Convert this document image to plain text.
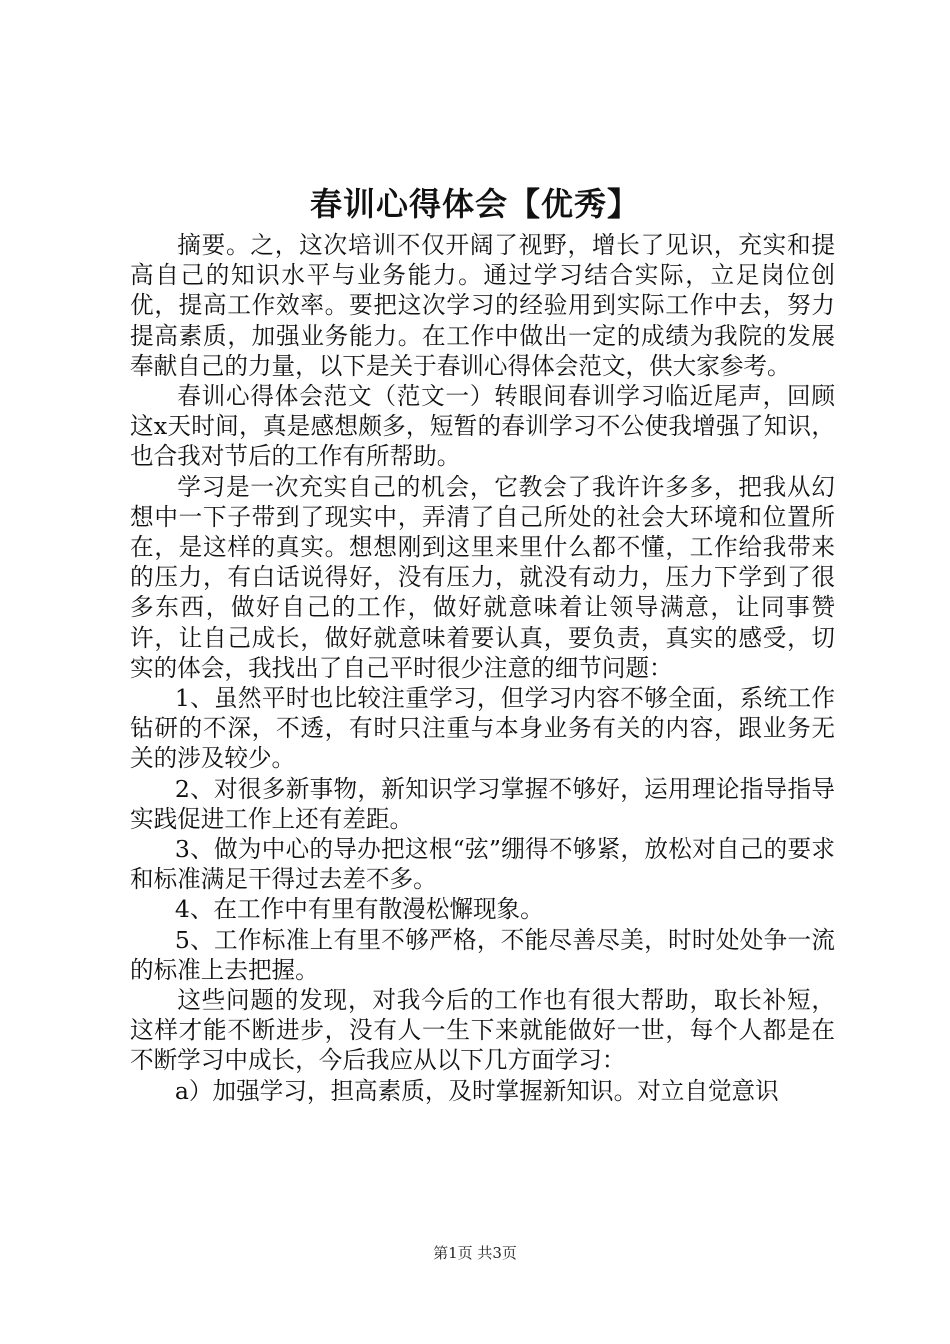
春训心得体会【优秀】

摘要。之，这次培训不仅开阔了视野，增长了见识，充实和提高自己的知识水平与业务能力。通过学习结合实际，立足岗位创优，提高工作效率。要把这次学习的经验用到实际工作中去，努力提高素质，加强业务能力。在工作中做出一定的成绩为我院的发展奉献自己的力量，以下是关于春训心得体会范文，供大家参考。

春训心得体会范文（范文一）转眼间春训学习临近尾声，回顾这x天时间，真是感想颇多，短暂的春训学习不公使我增强了知识，也合我对节后的工作有所帮助。

学习是一次充实自己的机会，它教会了我许许多多，把我从幻想中一下子带到了现实中，弄清了自己所处的社会大环境和位置所在，是这样的真实。想想刚到这里来里什么都不懂，工作给我带来的压力，有白话说得好，没有压力，就没有动力，压力下学到了很多东西，做好自己的工作，做好就意味着让领导满意，让同事赞许，让自己成长，做好就意味着要认真，要负责，真实的感受，切实的体会，我找出了自己平时很少注意的细节问题：

1、虽然平时也比较注重学习，但学习内容不够全面，系统工作钻研的不深，不透，有时只注重与本身业务有关的内容，跟业务无关的涉及较少。

2、对很多新事物，新知识学习掌握不够好，运用理论指导指导实践促进工作上还有差距。

3、做为中心的导办把这根“弦”绷得不够紧，放松对自己的要求和标准满足干得过去差不多。

4、在工作中有里有散漫松懈现象。

5、工作标准上有里不够严格，不能尽善尽美，时时处处争一流的标准上去把握。

这些问题的发现，对我今后的工作也有很大帮助，取长补短，这样才能不断进步，没有人一生下来就能做好一世，每个人都是在不断学习中成长，今后我应从以下几方面学习：

a）加强学习，担高素质，及时掌握新知识。对立自觉意识

第1页 共3页
